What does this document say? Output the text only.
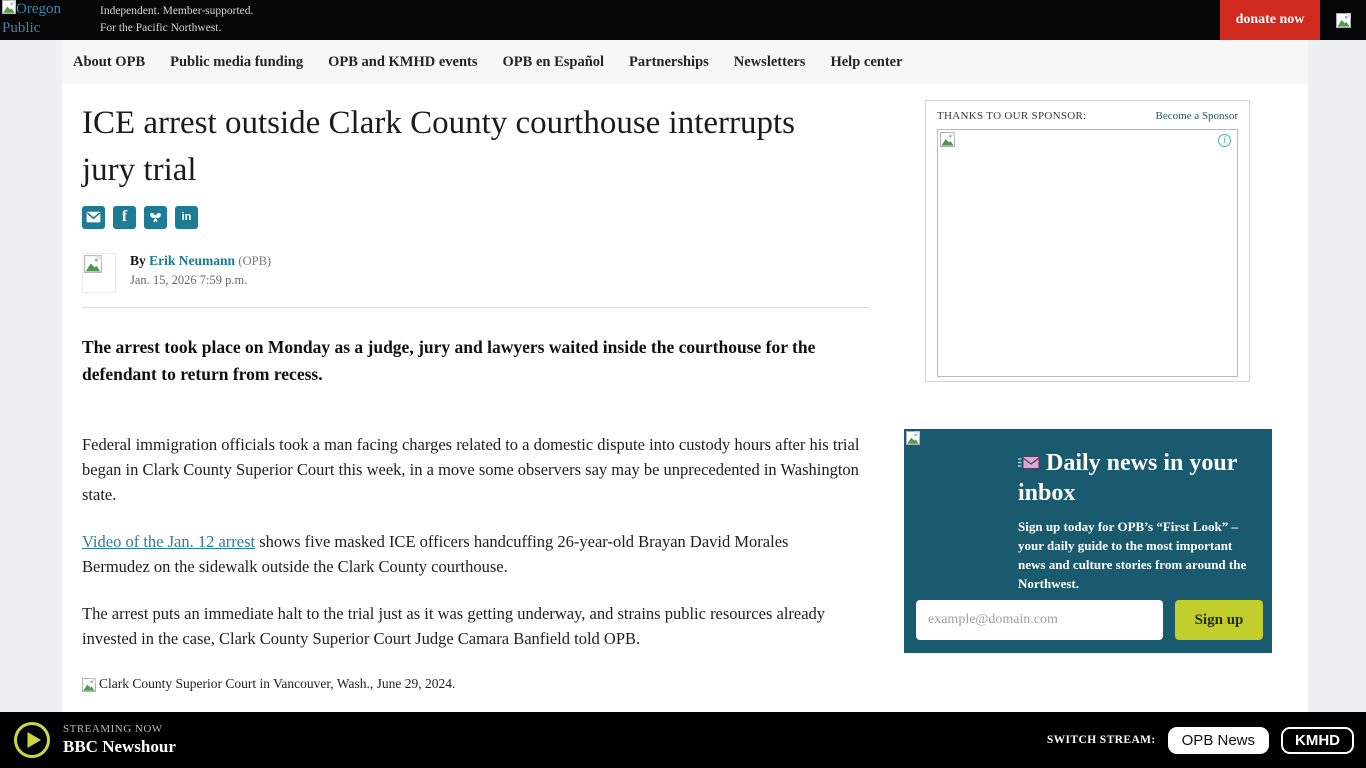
Oregon Public
Independent. Member-supported.
For the Pacific Northwest.
donate now
About OPB Public media funding OPB and KMHD events OPB en Español Partnerships Newsletters Help center
ICE arrest outside Clark County courthouse interrupts jury trial
f	in
By Erik Neumann (OPB)
Jan. 15, 2026 7:59 p.m.

The arrest took place on Monday as a judge, jury and lawyers waited inside the courthouse for the defendant to return from recess.

Federal immigration officials took a man facing charges related to a domestic dispute into custody hours after his trial began in Clark County Superior Court this week, in a move some observers say may be unprecedented in Washington state.

Video of the Jan. 12 arrest shows five masked ICE officers handcuffing 26-year-old Brayan David Morales Bermudez on the sidewalk outside the Clark County courthouse.

The arrest puts an immediate halt to the trial just as it was getting underway, and strains public resources already invested in the case, Clark County Superior Court Judge Camara Banfield told OPB.

Clark County Superior Court in Vancouver, Wash., June 29, 2024.
THANKS TO OUR SPONSOR:	Become a Sponsor
i
Daily news in your inbox
Sign up today for OPB’s “First Look” – your daily guide to the most important news and culture stories from around the Northwest.
example@domain.com
Sign up
STREAMING NOW
BBC Newshour	SWITCH STREAM:	OPB News	KMHD
